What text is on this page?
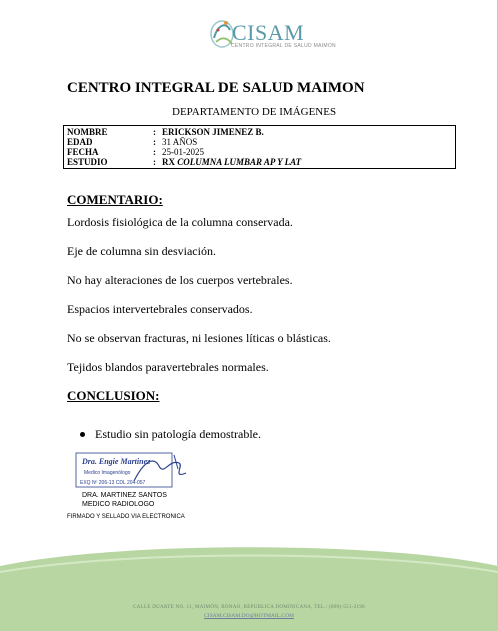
CISAM
CENTRO INTEGRAL DE SALUD MAIMON
CENTRO INTEGRAL DE SALUD MAIMON
DEPARTAMENTO DE IMÁGENES
NOMBRE	: ERICKSON JIMENEZ B.
EDAD	: 31 AÑOS
FECHA	: 25-01-2025
ESTUDIO	: RX COLUMNA LUMBAR AP Y LAT
COMENTARIO:
Lordosis fisiológica de la columna conservada.
Eje de columna sin desviación.
No hay alteraciones de los cuerpos vertebrales.
Espacios intervertebrales conservados.
No se observan fracturas, ni lesiones líticas o blásticas.
Tejidos blandos paravertebrales normales.
CONCLUSION:
Estudio sin patología demostrable.
Dra. Engie Martinez
Medico Imagenólogo
EXQ Nº 206-13 CDL 204-057
DRA. MARTINEZ SANTOS
MEDICO RADIOLOGO
FIRMADO Y SELLADO VIA ELECTRONICA
CALLE DUARTE NO. 11, MAIMÓN, BONAO, REPUBLICA DOMINICANA, TEL.: (809)-551-2196
CISAM.CISAM.DO@HOTMAIL.COM
